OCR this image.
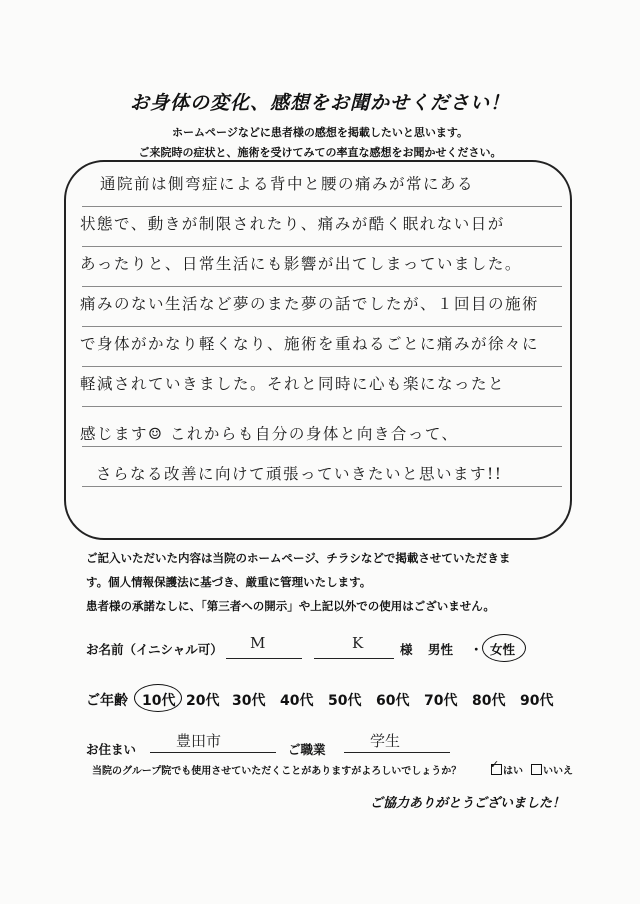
お身体の変化、感想をお聞かせください！
ホームページなどに患者様の感想を掲載したいと思います。
ご来院時の症状と、施術を受けてみての率直な感想をお聞かせください。
通院前は側弯症による背中と腰の痛みが常にある
状態で、動きが制限されたり、痛みが酷く眠れない日が
あったりと、日常生活にも影響が出てしまっていました。
痛みのない生活など夢のまた夢の話でしたが、１回目の施術
で身体がかなり軽くなり、施術を重ねるごとに痛みが徐々に
軽減されていきました。それと同時に心も楽になったと
感じます☺ これからも自分の身体と向き合って、
さらなる改善に向けて頑張っていきたいと思います!!
ご記入いただいた内容は当院のホームページ、チラシなどで掲載させていただきま
す。個人情報保護法に基づき、厳重に管理いたします。
患者様の承諾なしに、「第三者への開示」や上記以外での使用はございません。
お名前（イニシャル可） M	K	様 男性 ・ 女性
ご年齢 10代 20代 30代 40代 50代 60代 70代 80代 90代
お住まい	豊田市	ご職業	学生
当院のグループ院でも使用させていただくことがありますがよろしいでしょうか？
✓
はい いいえ
ご協力ありがとうございました！
